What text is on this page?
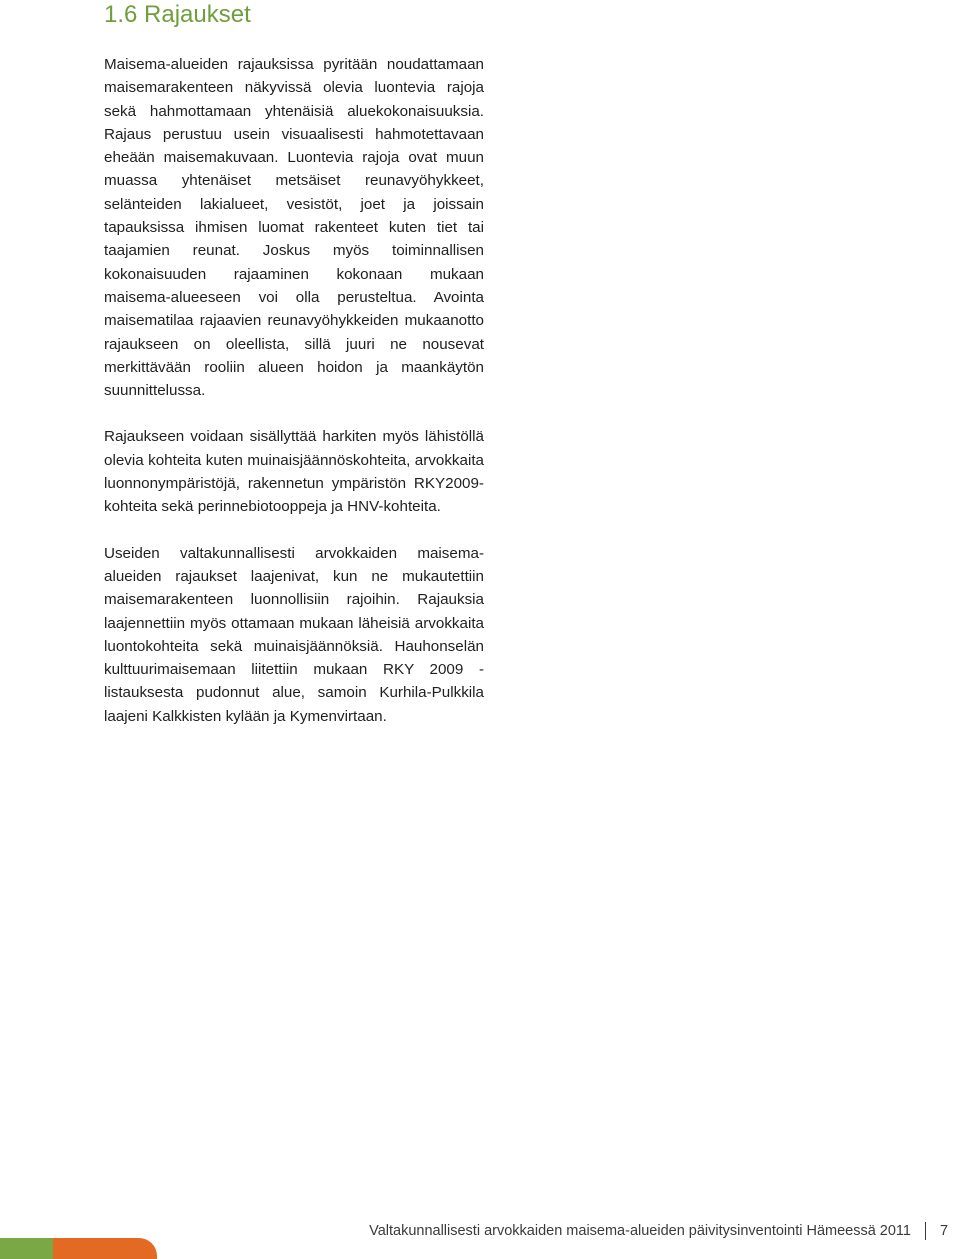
1.6 Rajaukset

Maisema-alueiden rajauksissa pyritään noudattamaan maisemarakenteen näkyvissä olevia luontevia rajoja sekä hahmottamaan yhtenäisiä aluekokonaisuuksia. Rajaus perustuu usein visuaalisesti hahmotettavaan eheään maisemakuvaan. Luontevia rajoja ovat muun muassa yhtenäiset metsäiset reunavyöhykkeet, selänteiden lakialueet, vesistöt, joet ja joissain tapauksissa ihmisen luomat rakenteet kuten tiet tai taajamien reunat. Joskus myös toiminnallisen kokonaisuuden rajaaminen kokonaan mukaan maisema-alueeseen voi olla perusteltua. Avointa maisematilaa rajaavien reunavyöhykkeiden mukaanotto rajaukseen on oleellista, sillä juuri ne nousevat merkittävään rooliin alueen hoidon ja maankäytön suunnittelussa.

Rajaukseen voidaan sisällyttää harkiten myös lähistöllä olevia kohteita kuten muinaisjäännöskohteita, arvokkaita luonnonympäristöjä, rakennetun ympäristön RKY2009-kohteita sekä perinnebiotooppeja ja HNV-kohteita.

Useiden valtakunnallisesti arvokkaiden maisemaalueiden rajaukset laajenivat, kun ne mukautettiin maisemarakenteen luonnollisiin rajoihin. Rajauksia laajennettiin myös ottamaan mukaan läheisiä arvokkaita luontokohteita sekä muinaisjäännöksiä. Hauhonselän kulttuurimaisemaan liitettiin mukaan RKY 2009 -listauksesta pudonnut alue, samoin Kurhila-Pulkkila laajeni Kalkkisten kylään ja Kymenvirtaan.

Valtakunnallisesti arvokkaiden maisema-alueiden päivitysinventointi Hämeessä 2011 7
